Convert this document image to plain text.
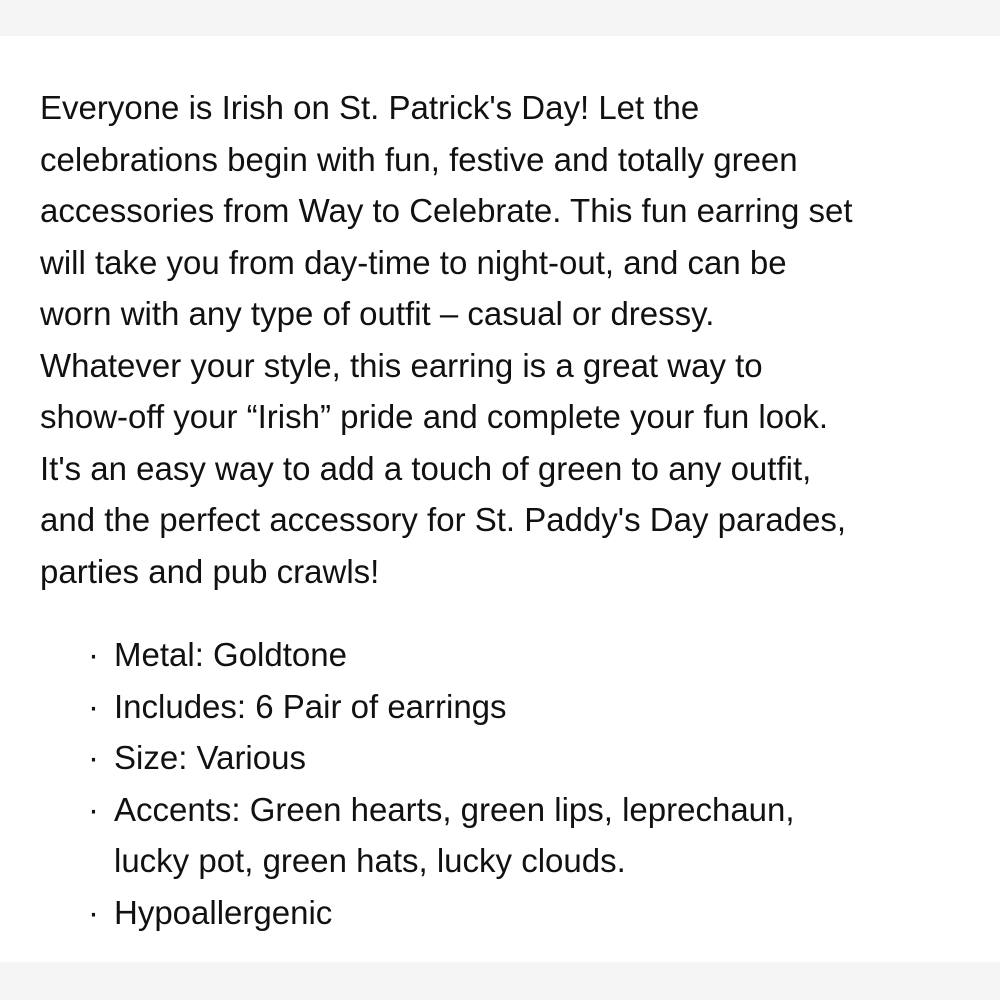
Everyone is Irish on St. Patrick's Day! Let the
celebrations begin with fun, festive and totally green
accessories from Way to Celebrate. This fun earring set
will take you from day-time to night-out, and can be
worn with any type of outfit – casual or dressy.
Whatever your style, this earring is a great way to
show-off your “Irish” pride and complete your fun look.
It's an easy way to add a touch of green to any outfit,
and the perfect accessory for St. Paddy's Day parades,
parties and pub crawls!

· Metal: Goldtone
· Includes: 6 Pair of earrings
· Size: Various
· Accents: Green hearts, green lips, leprechaun,
lucky pot, green hats, lucky clouds.
· Hypoallergenic
